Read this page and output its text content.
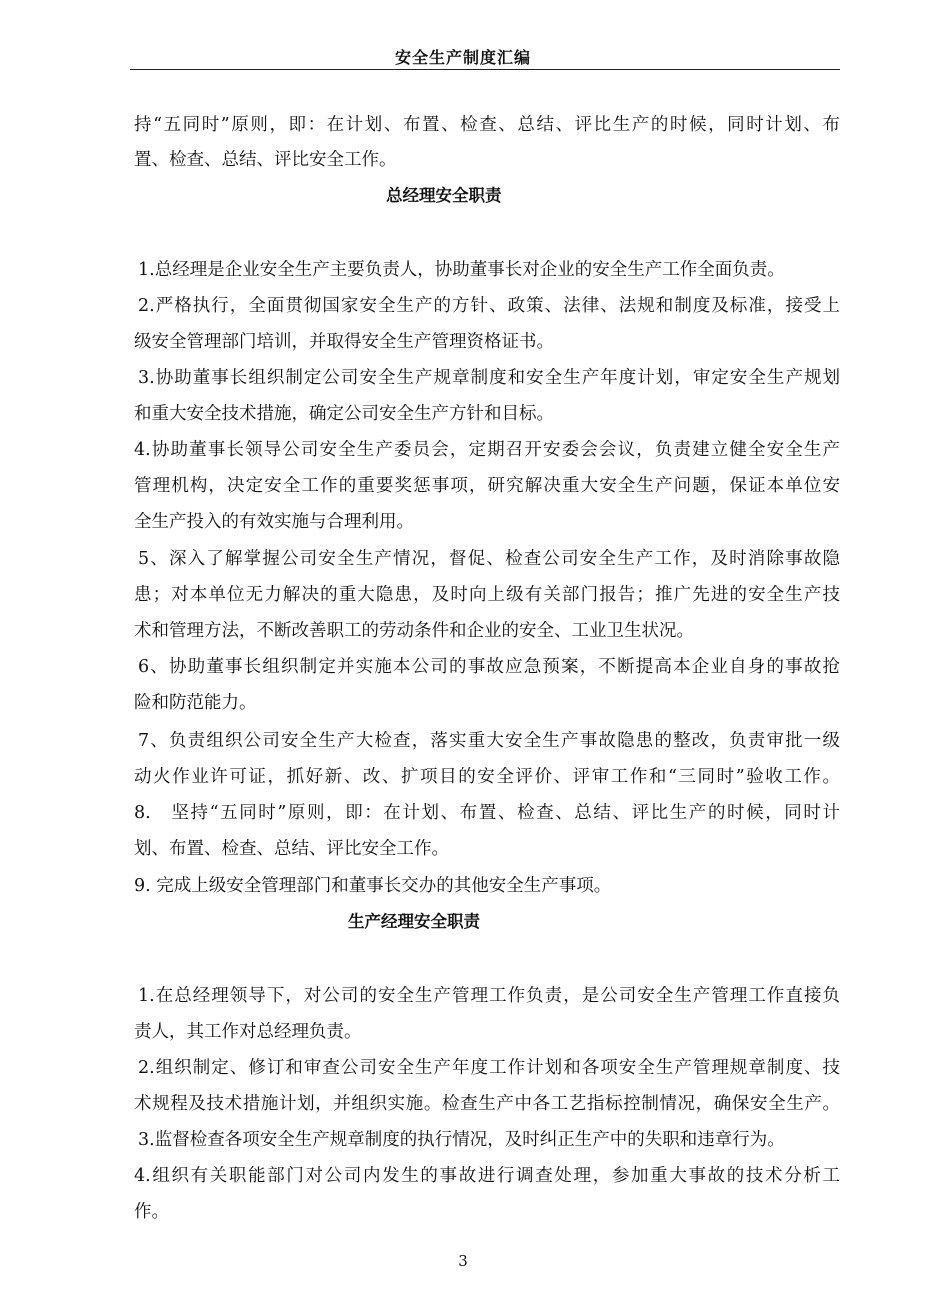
安全生产制度汇编
持“五同时”原则，即：在计划、布置、检查、总结、评比生产的时候，同时计划、布
置、检查、总结、评比安全工作。
总经理安全职责
1.总经理是企业安全生产主要负责人，协助董事长对企业的安全生产工作全面负责。
2.严格执行，全面贯彻国家安全生产的方针、政策、法律、法规和制度及标准，接受上
级安全管理部门培训，并取得安全生产管理资格证书。
3.协助董事长组织制定公司安全生产规章制度和安全生产年度计划，审定安全生产规划
和重大安全技术措施，确定公司安全生产方针和目标。
4.协助董事长领导公司安全生产委员会，定期召开安委会会议，负责建立健全安全生产
管理机构，决定安全工作的重要奖惩事项，研究解决重大安全生产问题，保证本单位安
全生产投入的有效实施与合理利用。
5、深入了解掌握公司安全生产情况，督促、检查公司安全生产工作，及时消除事故隐
患；对本单位无力解决的重大隐患，及时向上级有关部门报告；推广先进的安全生产技
术和管理方法，不断改善职工的劳动条件和企业的安全、工业卫生状况。
6、协助董事长组织制定并实施本公司的事故应急预案，不断提高本企业自身的事故抢
险和防范能力。
7、负责组织公司安全生产大检查，落实重大安全生产事故隐患的整改，负责审批一级
动火作业许可证，抓好新、改、扩项目的安全评价、评审工作和“三同时”验收工作。
8.　坚持“五同时”原则，即：在计划、布置、检查、总结、评比生产的时候，同时计
划、布置、检查、总结、评比安全工作。
9. 完成上级安全管理部门和董事长交办的其他安全生产事项。
生产经理安全职责
1.在总经理领导下，对公司的安全生产管理工作负责，是公司安全生产管理工作直接负
责人，其工作对总经理负责。
2.组织制定、修订和审查公司安全生产年度工作计划和各项安全生产管理规章制度、技
术规程及技术措施计划，并组织实施。检查生产中各工艺指标控制情况，确保安全生产。
3.监督检查各项安全生产规章制度的执行情况，及时纠正生产中的失职和违章行为。
4.组织有关职能部门对公司内发生的事故进行调查处理，参加重大事故的技术分析工
作。
3
